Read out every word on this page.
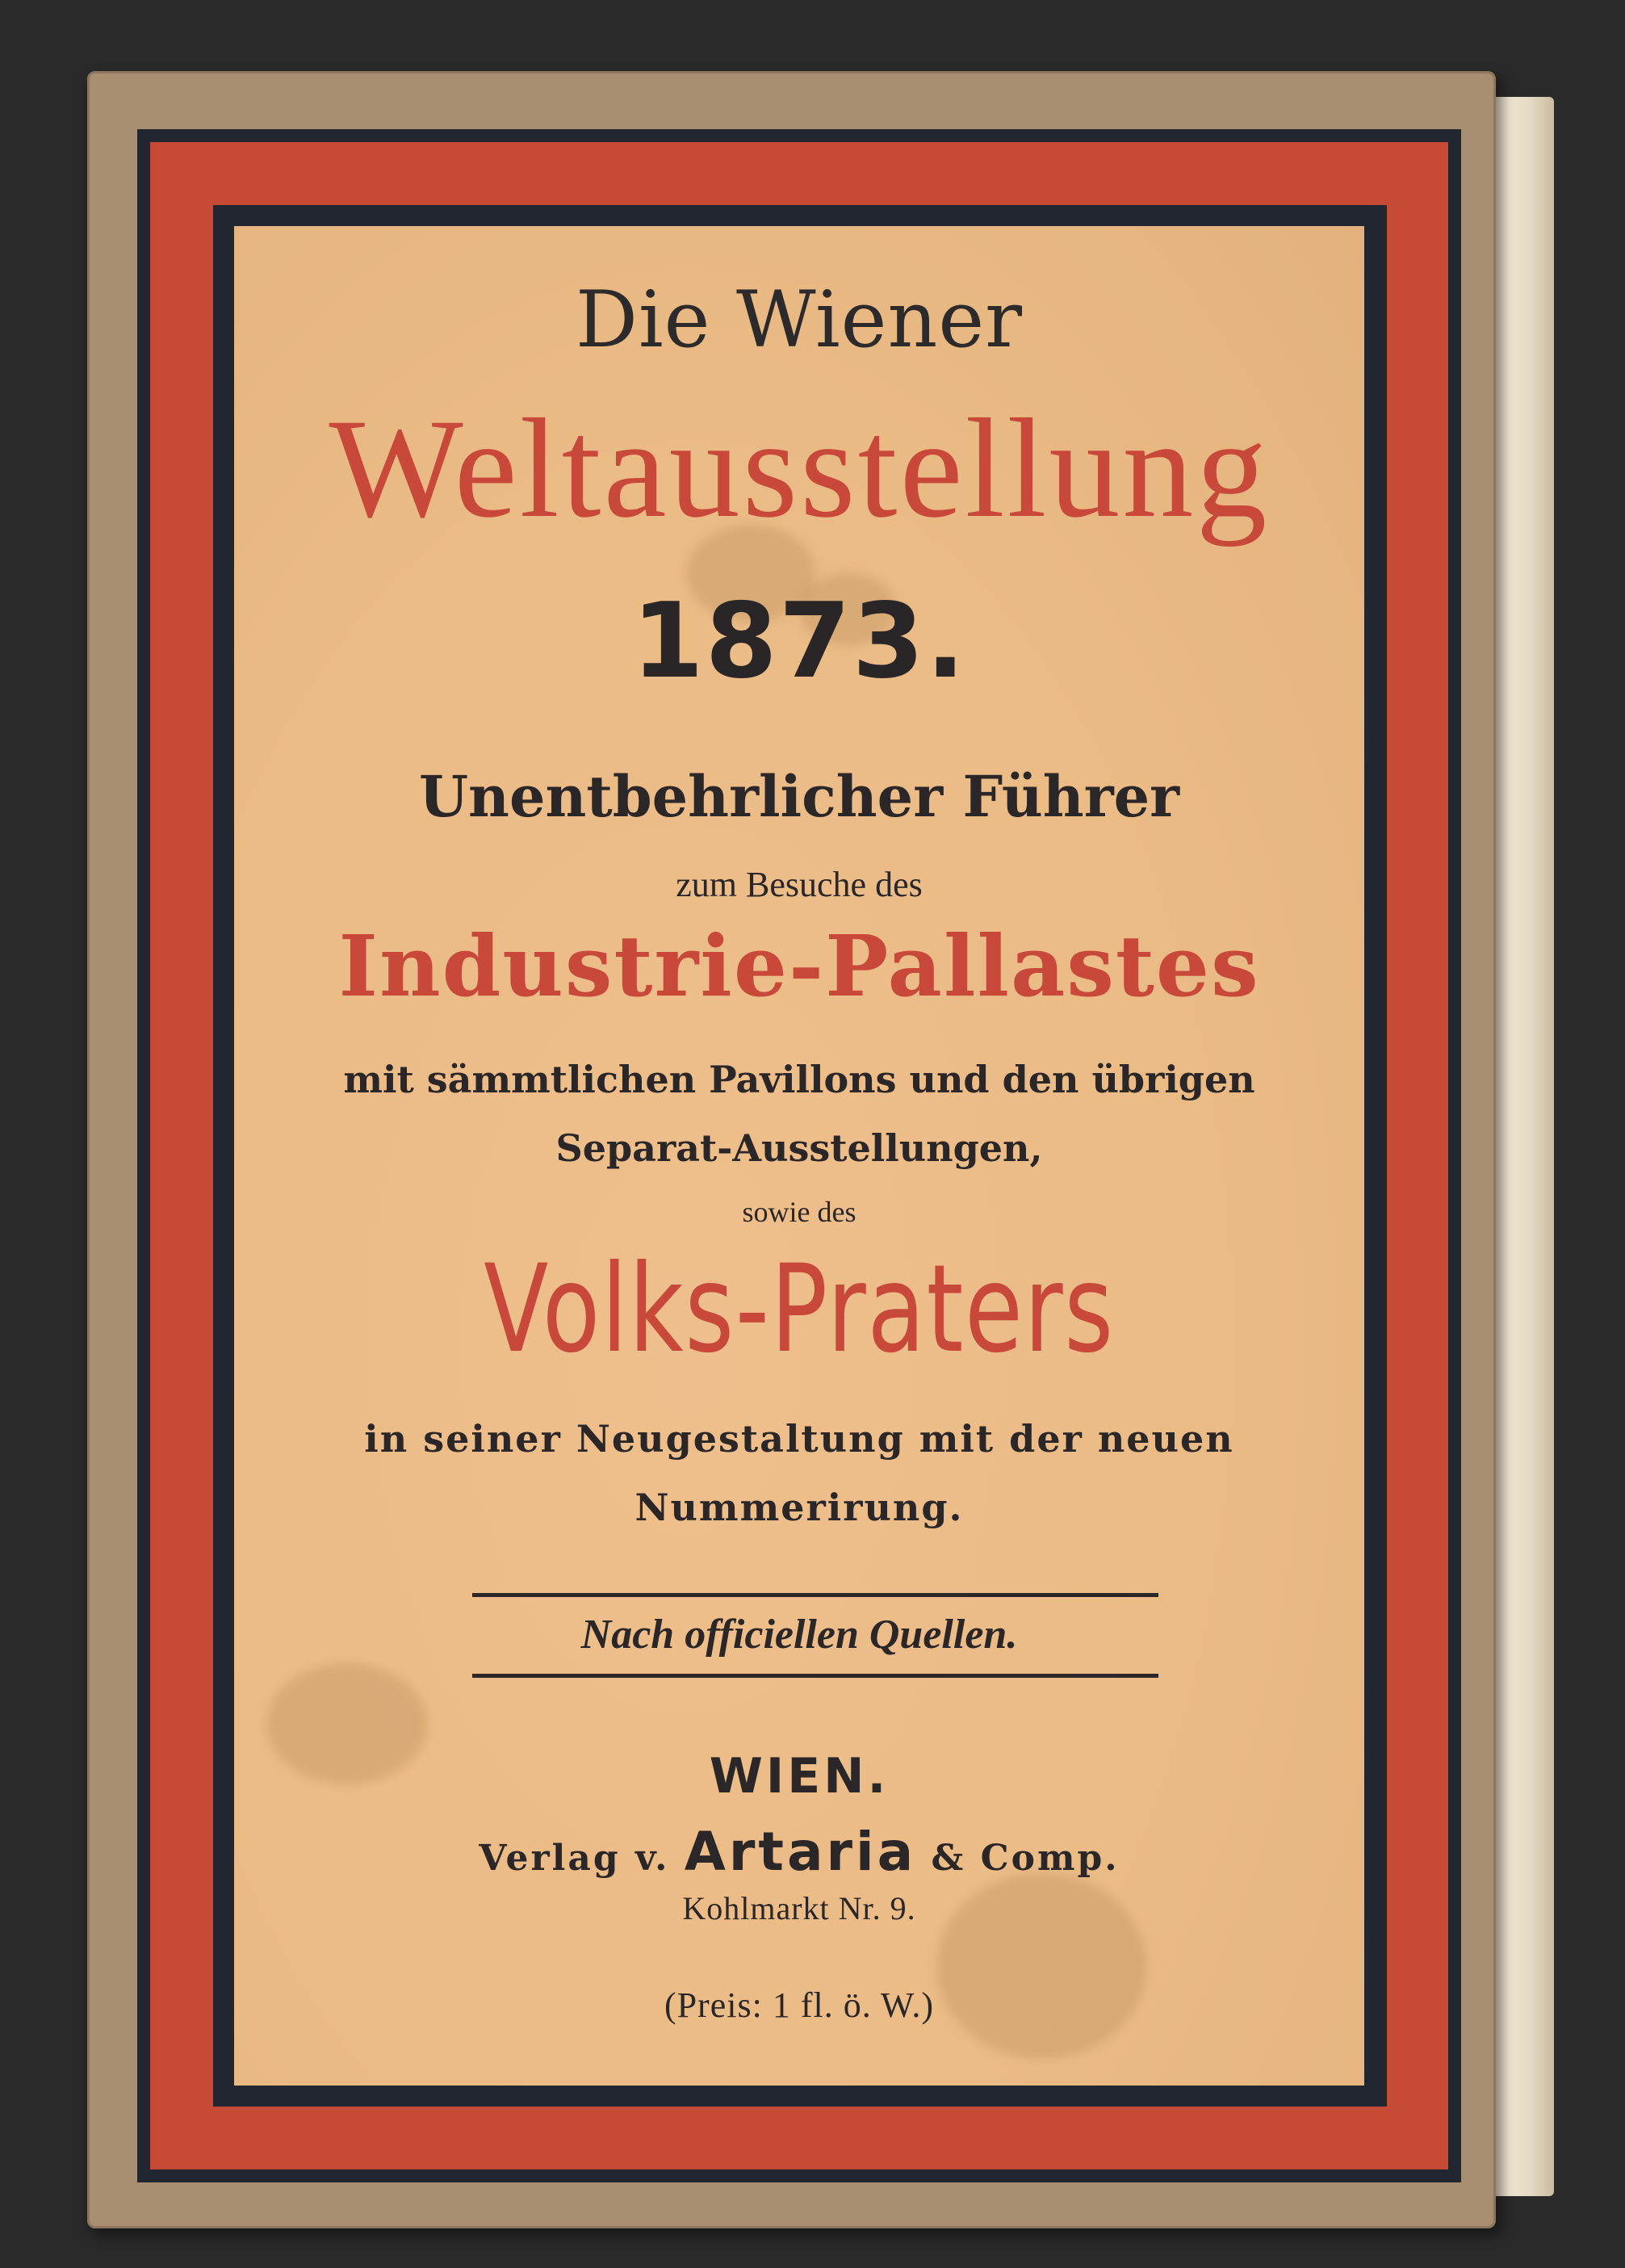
Die Wiener

Weltausstellung

1873.

Unentbehrlicher Führer

zum Besuche des

Industrie-Pallastes

mit sämmtlichen Pavillons und den übrigen

Separat-Ausstellungen,

sowie des

Volks-Praters

in seiner Neugestaltung mit der neuen

Nummerirung.

Nach officiellen Quellen.

WIEN.

Verlag v. Artaria & Comp.

Kohlmarkt Nr. 9.

(Preis: 1 fl. ö. W.)
